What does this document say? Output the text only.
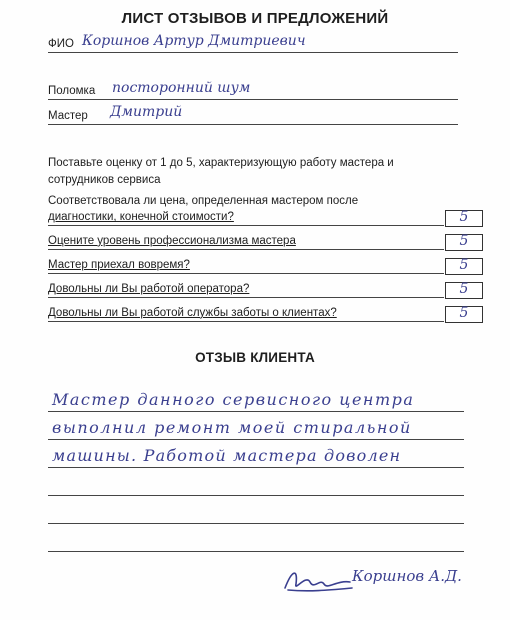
ЛИСТ ОТЗЫВОВ И ПРЕДЛОЖЕНИЙ
ФИО Коршнов Артур Дмитриевич
Поломка посторонний шум
Мастер Дмитрий
Поставьте оценку от 1 до 5, характеризующую работу мастера и
сотрудников сервиса
Соответствовала ли цена, определенная мастером после
диагностики, конечной стоимости?	5
Оцените уровень профессионализма мастера	5
Мастер приехал вовремя?	5
Довольны ли Вы работой оператора?	5
Довольны ли Вы работой службы заботы о клиентах?	5
ОТЗЫВ КЛИЕНТА
Мастер данного сервисного центра
выполнил ремонт моей стиральной
машины. Работой мастера доволен
Коршнов А.Д.
